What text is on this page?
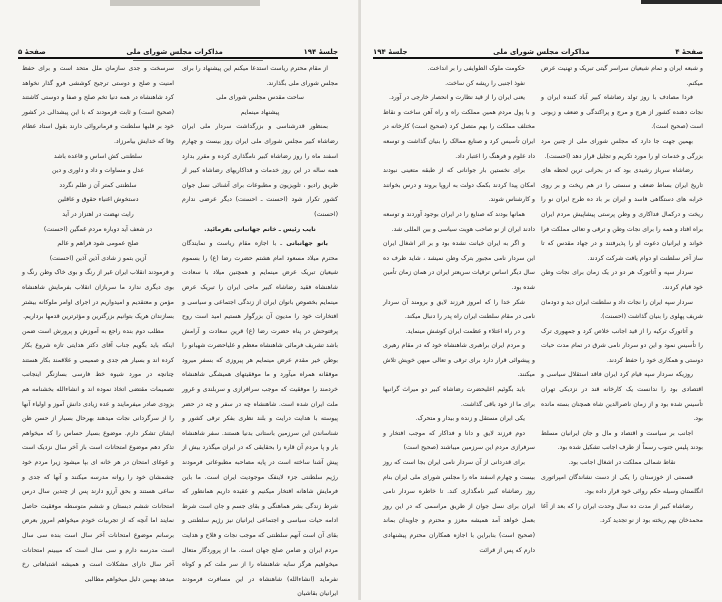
جلسهٔ ۱۹۴
مذاکرات مجلس شورای ملی
صفحهٔ ۵

از مقام محترم ریاست استدعا میکنم این پیشنهاد را برای مجلس شورای ملی بگذارند.

ساحت مقدس مجلس شورای ملی

پیشنهاد مینمایم

بمنظور قدرشناسی و بزرگداشت سردار ملی ایران رضاشاه کبیر مجلس شورای ملی ایران روز بیست و چهارم اسفند ماه را روز رضاشاه کبیر نامگذاری کرده و مقرر بدارد همه ساله در این روز خدمات و فداکاریهای رضاشاه کبیر از طریق رادیو ، تلویزیون و مطبوعات برای آشنائی نسل جوان کشور تکرار شود (احسنت ـ احسنت) دیگر عرضی ندارم (احسنت)

نایب رئیس ـ خانم جهانبانی بفرمائید.

بانو جهانبانی ـ با اجازه مقام ریاست و نمایندگان محترم میلاد مسعود امام هشتم حضرت رضا (ع) را بسموم شیعیان تبریک عرض مینمایم و همچنین میلاد با سعادت شاهنشاه فقید رضاشاه کبیر ماحی ایران را تبریک عرض مینمایم بخصوص بانوان ایران از زندگی اجتماعی و سیاسی و افتخارات خود را مدیون آن بزرگوار هستیم امید است روح پرفتوحش در پناه حضرت رضا (ع) قرین سعادت و آرامش باشد تشریف فرمائی شاهنشاه معظم و علیاحضرت شهبانو را بوطن خیر مقدم عرض مینمایم هر پیروزی که بسفر میرود موفقانه همراه میآورد و ما موفقیتهای همیشگی شاهنشاه خردمند را موفقیت که موجب سرافرازی و سربلندی و غرور ملت ایران شده است. شاهنشاه چه در سفر و چه در حضر پیوسته با هدایت درایت و بلند نظری بفکر ترقی کشور و شناساندن این سرزمین باستانی بدنیا هستند. سفر شاهنشاه بار و پا مردم آن قاره را بحقایقی که در ایران میگذرد بیش از پیش آشنا ساخته است در پایه مصاحبه مطبوعاتی فرمودند رژیم سلطنتی جزء لاینفک موجودیت ایران است. ما باین فرمایش شاهانه افتخار میکنیم و عقیده داریم همانطور که شرط زندگی بشر هماهنگی و بقای جسم و جان است شرط ادامه حیات سیاسی و اجتماعی ایرانیان نیز رژیم سلطنتی و بقای آن است آنهم سلطنتی که موجب نجات و فلاح و هدایت مردم ایران و ضامن صلح جهان است. ما از پروردگار متعال میخواهیم هرگز سایه شاهنشاه را از سر ملت کم و کوتاه نفرماید (انشاءالله) شاهنشاه در این مسافرت فرمودند ایرانیان بقاشیان

سرسخت و جدی سازمان ملل متحد است و برای حفظ امنیت و صلح و دوستی ترجیح کوششی فرو گذار نخواهد کرد شاهنشاه در همه دنیا تخم صلح و صفا و دوستی کاشتند (صحیح است) و ثابت فرمودند که با این پیشدالی در کشور خود بر قلبها سلطنت و فرمانروائی دارند بقول استاد عظام وفا که خدایش بیامرزاد.

سلطنتی کش اساس و قاعده باشد

عدل و مساوات و داد و داوری و دین

سلطنتی کمتر آن ز ظلم نگردد

دستخوش اغنیاء حقوق و عاقلین

رایت نهضت در اهتزاز در آید

در شعف آید دوباره مردم غمگین (احسنت)

صلح عمومی شود فراهم و عالم

آزین بتمو ز شادی آذین آذین (احسنت)

و فرمودند انقلاب ایران غیر از رنگ و بوی خاک وطن رنگ و بوی دیگری ندارد ما سربازان انقلاب بفرمایش شاهنشاه مؤمن و معتقدیم و امیدواریم در اجرای اوامر ملوکانه بیشتر بسازندان هریک بتوانیم بزرگترین و مؤثرترین قدمها برداریم.

مطلب دوم بنده راجع به آموزش و پرورش است ضمن اینکه باید بگویم جناب آقای دکتر هدایتی تازه شروع بکار کرده اند و بسیار هم جدی و صمیمی و علاقمند بکار هستند چنانچه در مورد شیوه خط فارسی بسازنگر اینجانب تصمیمات مقتضی اتخاذ نموده اند و انشاءالله بخشنامه هم بزودی صادر میفرمایند و عده زیادی دانش آموز و اولیاء آنها را از سرگردانی نجات میدهند بهرحال بسیار از حسن ظن ایشان تشکر دارم. موضوع بسیار حساس را که میخواهم تذکر دهم موضوع امتحانات است باز آخر سال نزدیک است و غوغای امتحان در هر خانه ای بپا میشود زیرا مردم خود چشمشان خود را روانه مدرسه میکنند و آنها که جدی و ساعی هستند و بحق آرزو دارند پس از چندین سال درس امتحانات ششم دبستان و ششم متوسطه موفقیت حاصل نمایند اما آنچه که از تجربیات خودم میخواهم امروز بعرض برسانم موضوع امتحانات آخر سال است بنده سی سال است مدرسه دارم و سی سال است که میبینم امتحانات آخر سال دارای مشکلات است و همیشه اشتباهاتی رخ میدهد بهمین دلیل میخواهم مطالبی

صفحهٔ ۴
مذاکرات مجلس شورای ملی
جلسهٔ ۱۹۴

و شبعه ایران و تمام شیعیان سراسر گیتی تبریک و تهنیت عرض میکنم.

فردا مصادف با روز تولد رضاشاه کبیر آباد کننده ایران و نجات دهنده کشور از هرج و مرج و پراکندگی و ضعف و زبونی است (صحیح است).

بهمین جهت جا دارد که مجلس شورای ملی از چنین مرد بزرگی و خدمات او را مورد تکریم و تجلیل قرار دهد (احسنت).

رضاشاه سرباز رشیدی بود که در بحرانی ترین لحظه های تاریخ ایران بساط ضعف و سستی را در هم ریخت و بر روی خرابه های دستگاهی فاسد و ایران بر باد ده طرح ایران نو را ریخت و درکمال فداکاری و وطن پرستی پیشاپیش مردم ایران براه افتاد و همه را برای نجات وطن و ترقی و تعالی مملکت فرا خواند و ایرانیان دعوت او را پذیرفتند و در جهاد مقدس که تا ساز آخر سلطنت او دوام یافت شرکت کردند.

سردار سپه و آتاتورک هر دو در یک زمان برای نجات وطن خود قیام کردند.

سردار سپه ایران را نجات داد و سلطنت ایران دید و دودمان شریف پهلوی را بنیان گذاشت (احسنت).

و آتاتورک ترکیه را از قید اجانب خلاص کرد و جمهوری ترک را تأسیس نمود و این دو سردار نامی شرق در تمام مدت حیات دوستی و همکاری خود را حفظ کردند.

روزیکه سردار سپه قیام کرد ایران فاقد استقلال سیاسی و اقتصادی بود را ندانست یک کارخانه قند در نزدیکی تهران تأسیس شده بود و از زمان ناصرالدین شاه همچنان بسته مانده بود.

اجانب بر سیاست و اقتصاد و مال و جان ایرانیان مسلط بودند پلیس جنوب رسماً از طرف اجانب تشکیل شده بود.

نقاط شمالی مملکت در اشغال اجانب بود.

قسمتی از خوزستان را یکی از دست نشاندگان امپراتوری انگلستان وسیله حکم روائی خود قرار داده بود.

رضاشاه کبیر از مدت ده سال وحدت ایران را که بعد از آغا محمدخان بهم ریخته بود از نو تجدید کرد.

حکومت ملوک الطوایفی را بر انداخت.

نفوذ اجنبی را ریشه کن ساخت.

یعنی ایران را از قید نظارت و انحصار خارجی در آورد.

و با پول مردم همین مملکت راه و راه آهن ساخت و نقاط مختلف مملکت را بهم متصل کرد (صحیح است) کارخانه در ایران تأسیس کرد و صنایع ممالک را بنیان گذاشت و توسعه داد علوم و فرهنگ را اعتبار داد.

برای نخستین بار جوانانی که از طبقه متعینی نبودند امکان پیدا کردند بکمک دولت به اروپا بروند و درس بخوانند و کارشناس شوند.

همانها بودند که صنایع را در ایران بوجود آوردند و توسعه دادند ایران از نو صاحب هویت سیاسی و بین المللی شد.

و اگر به ایران خیانت نشده بود و بر اثر اشغال ایران این سردار نامی مجبور بترک وطن نمیشد ، شاید ظرف ده سال دیگر اساس ترقیات سریعتر ایران در همان زمان تأمین شده بود.

شکر خدا را که امروز فرزند لایق و برومند آن سردار نامی در مقام سلطنت ایران راه پدر را دنبال میکند.

و در راه اعتلاء و عظمت ایران کوشش مینماید.

و مردم ایران براهبری شاهنشاه خود که در مقام رهبری و پیشوائی قرار دارد برای ترقی و تعالی میهن خویش تلاش میکنند.

باید بگوئیم اعلیحضرت رضاشاه کبیر دو میراث گرانبها برای ما از خود باقی گذاشت.

یکی ایران مستقل و زنده و بیدار و متحرک.

دوم فرزند لایق و دانا و فداکار که موجب افتخار و سرفرازی مردم این سرزمین میباشند (صحیح است)

برای قدردانی از آن سردار نامی ایران بجا است که روز بیست و چهارم اسفند ماه را مجلس شورای ملی ایران بنام روز رضاشاه کبیر نامگذاری کند. تا خاطره سردار نامی ایران برای نسل جوان از طریق مراسمی که در این روز بعمل خواهد آمد همیشه معزز و محترم و جاویدان بماند (صحیح است) بنابراین با اجازه همکاران محترم پیشنهادی دارم که پس از قرائت
